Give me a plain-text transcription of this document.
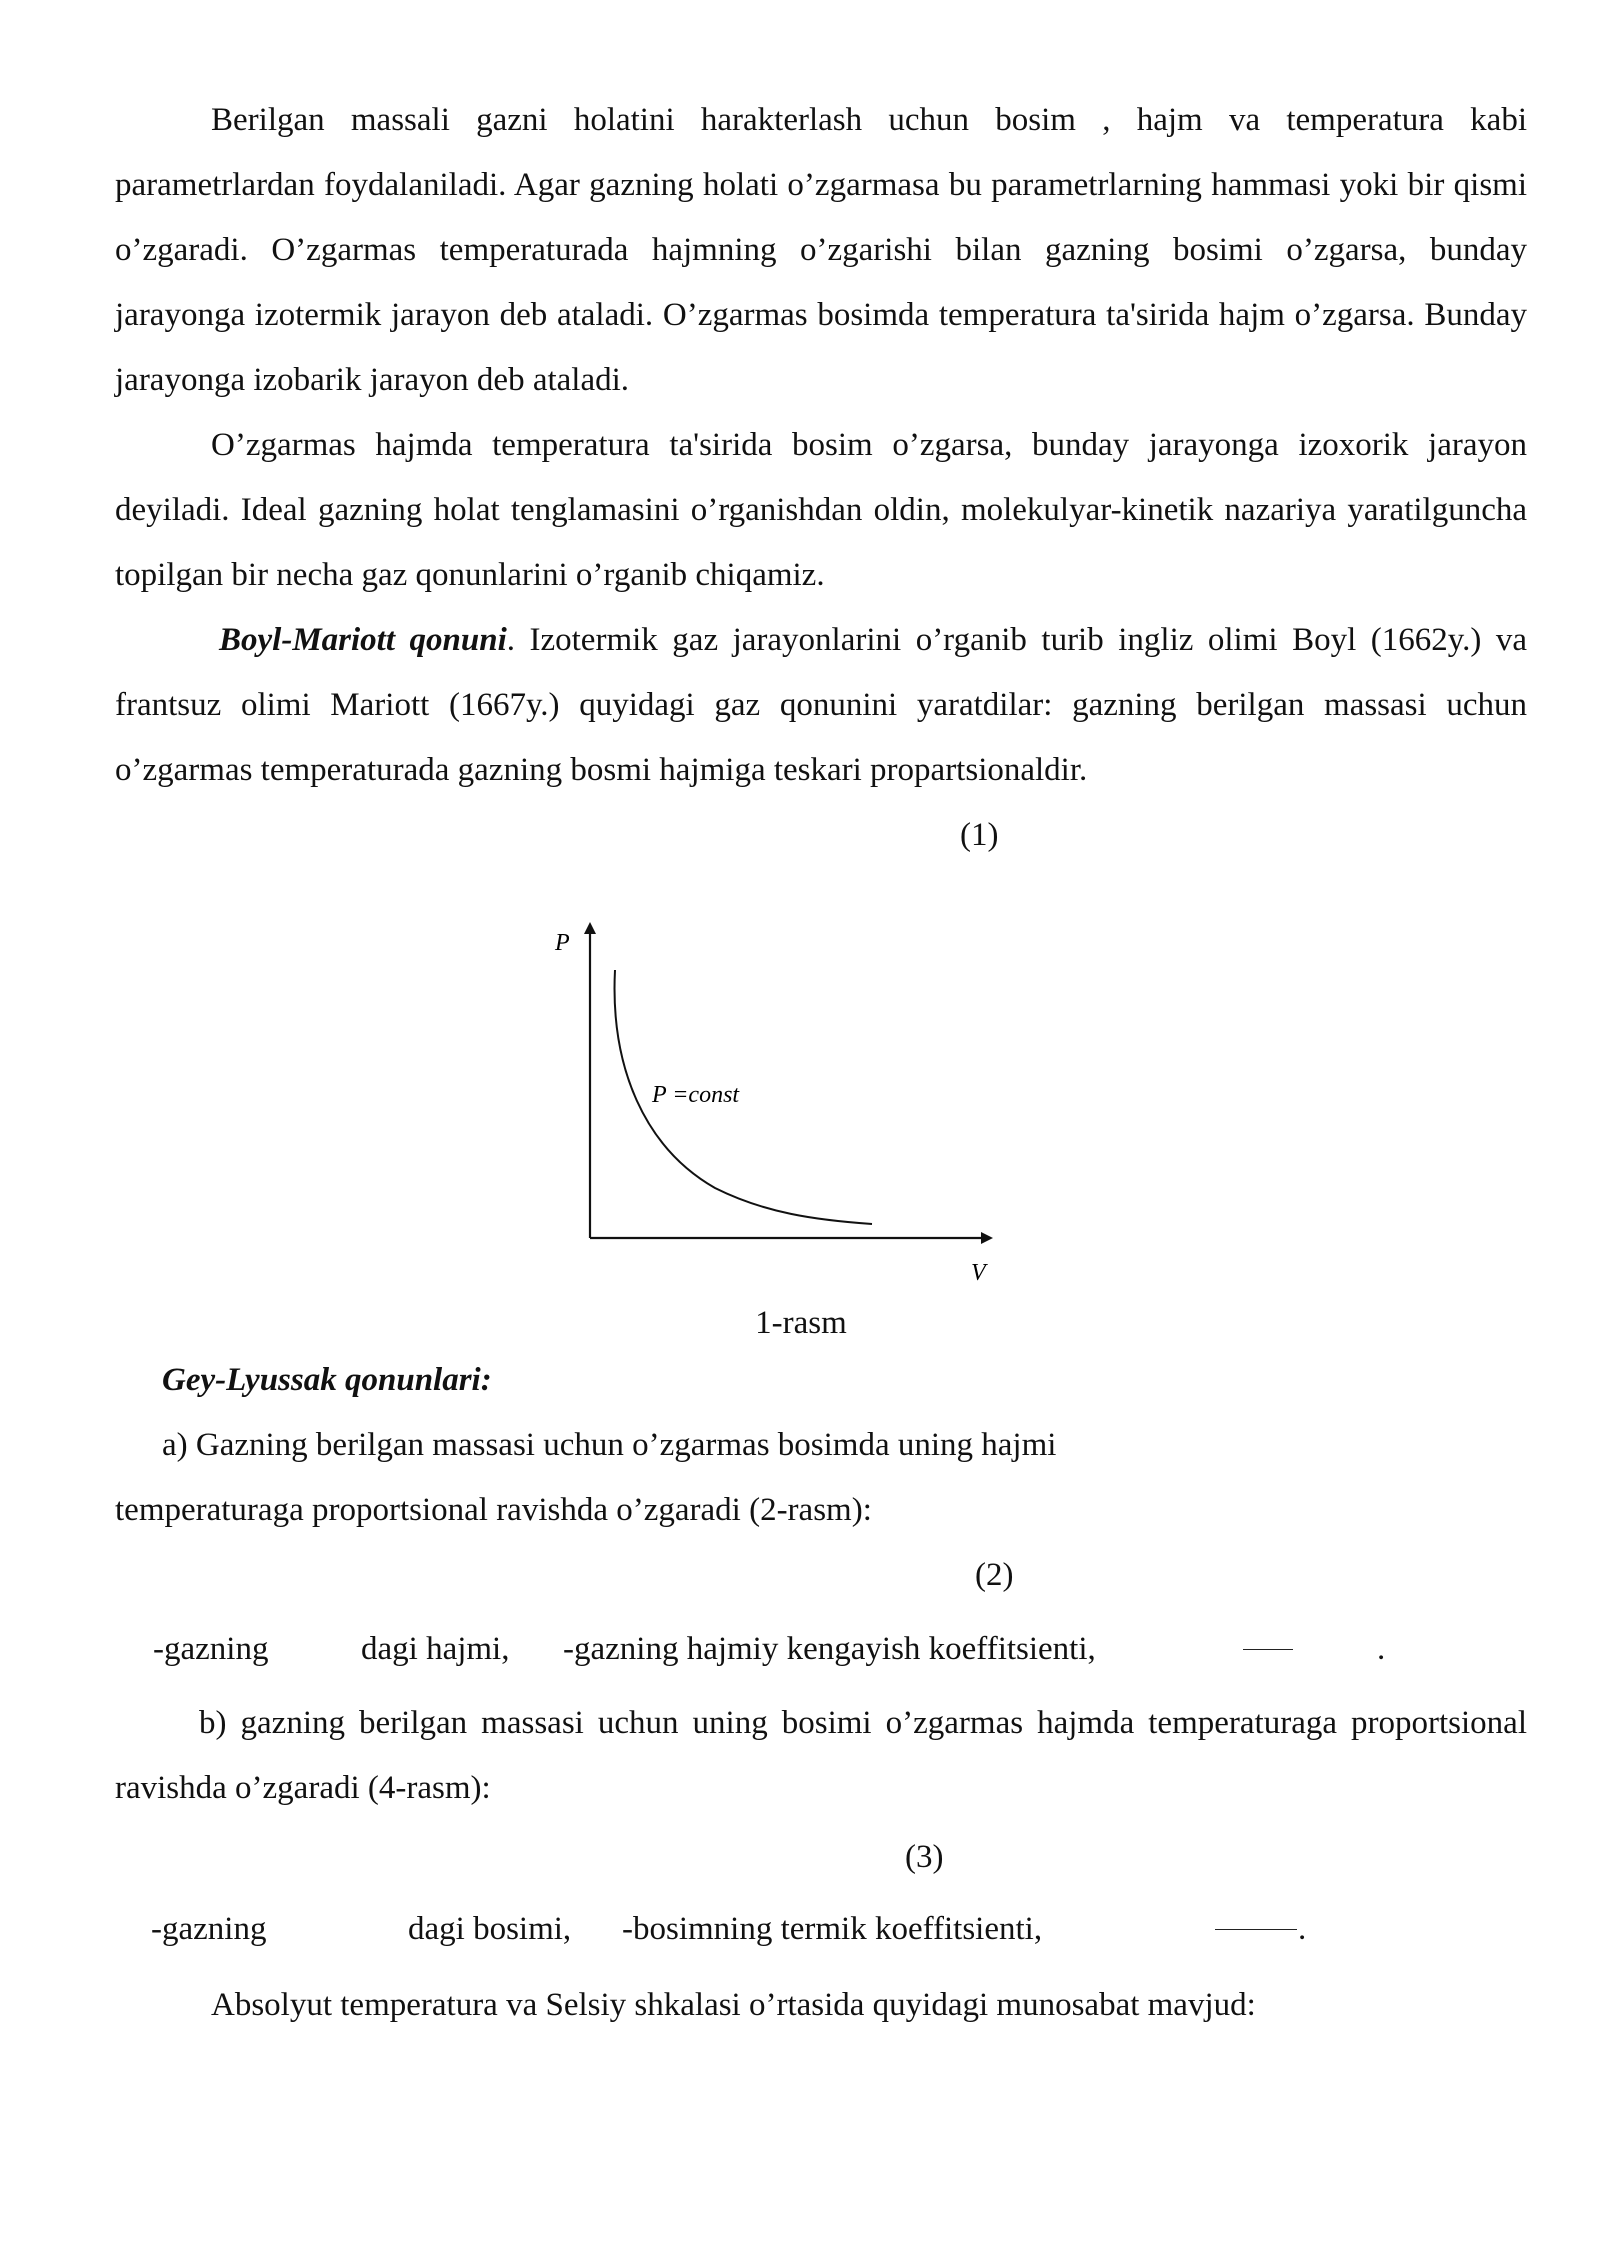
Berilgan massali gazni holatini harakterlash uchun bosim , hajm va temperatura kabi parametrlardan foydalaniladi. Agar gazning holati o’zgarmasa bu parametrlarning hammasi yoki bir qismi o’zgaradi. O’zgarmas temperaturada hajmning o’zgarishi bilan gazning bosimi o’zgarsa, bunday jarayonga izotermik jarayon deb ataladi. O’zgarmas bosimda temperatura ta'sirida hajm o’zgarsa. Bunday jarayonga izobarik jarayon deb ataladi.

O’zgarmas hajmda temperatura ta'sirida bosim o’zgarsa, bunday jarayonga izoxorik jarayon deyiladi. Ideal gazning holat tenglamasini o’rganishdan oldin, molekulyar-kinetik nazariya yaratilguncha topilgan bir necha gaz qonunlarini o’rganib chiqamiz.

Boyl-Mariott qonuni. Izotermik gaz jarayonlarini o’rganib turib ingliz olimi Boyl (1662y.) va frantsuz olimi Mariott (1667y.) quyidagi gaz qonunini yaratdilar: gazning berilgan massasi uchun o’zgarmas temperaturada gazning bosmi hajmiga teskari propartsionaldir.

(1)
P
V
P =const
1-rasm
Gey-Lyussak qonunlari:
a) Gazning berilgan massasi uchun o’zgarmas bosimda uning hajmi
temperaturaga proportsional ravishda o’zgaradi (2-rasm):
(2)
-gazning	dagi hajmi, -gazning hajmiy kengayish koeffitsienti,	.

b) gazning berilgan massasi uchun uning bosimi o’zgarmas hajmda temperaturaga proportsional ravishda o’zgaradi (4-rasm):

(3)
-gazning	dagi bosimi, -bosimning termik koeffitsienti,	.
Absolyut temperatura va Selsiy shkalasi o’rtasida quyidagi munosabat mavjud:
